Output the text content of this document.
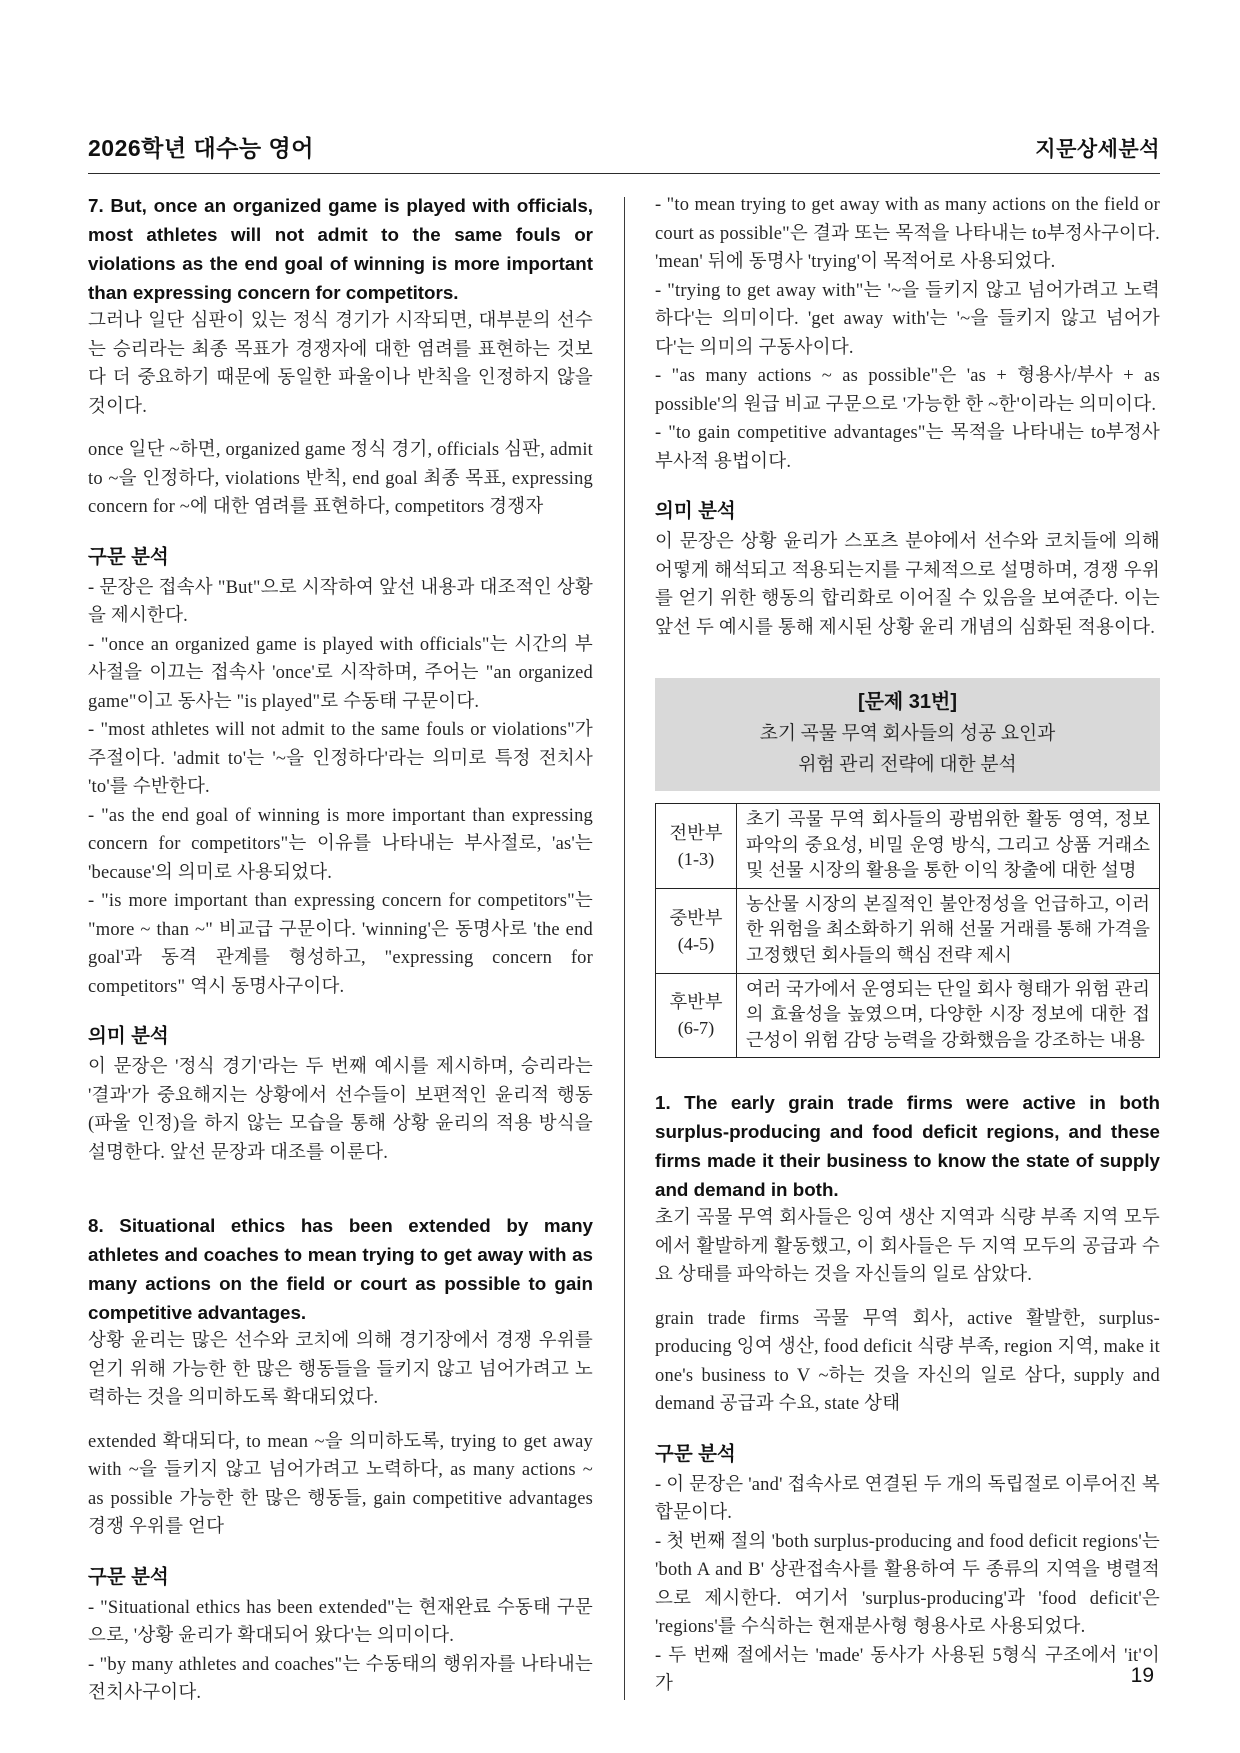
2026학년 대수능 영어	지문상세분석

7. But, once an organized game is played with officials, most athletes will not admit to the same fouls or violations as the end goal of winning is more important than expressing concern for competitors.

그러나 일단 심판이 있는 정식 경기가 시작되면, 대부분의 선수는 승리라는 최종 목표가 경쟁자에 대한 염려를 표현하는 것보다 더 중요하기 때문에 동일한 파울이나 반칙을 인정하지 않을 것이다.

once 일단 ~하면, organized game 정식 경기, officials 심판, admit to ~을 인정하다, violations 반칙, end goal 최종 목표, expressing concern for ~에 대한 염려를 표현하다, competitors 경쟁자

구문 분석

- 문장은 접속사 "But"으로 시작하여 앞선 내용과 대조적인 상황을 제시한다.

- "once an organized game is played with officials"는 시간의 부사절을 이끄는 접속사 'once'로 시작하며, 주어는 "an organized game"이고 동사는 "is played"로 수동태 구문이다.

- "most athletes will not admit to the same fouls or violations"가 주절이다. 'admit to'는 '~을 인정하다'라는 의미로 특정 전치사 'to'를 수반한다.

- "as the end goal of winning is more important than expressing concern for competitors"는 이유를 나타내는 부사절로, 'as'는 'because'의 의미로 사용되었다.

- "is more important than expressing concern for competitors"는 "more ~ than ~" 비교급 구문이다. 'winning'은 동명사로 'the end goal'과 동격 관계를 형성하고, "expressing concern for competitors" 역시 동명사구이다.

의미 분석

이 문장은 '정식 경기'라는 두 번째 예시를 제시하며, 승리라는 '결과'가 중요해지는 상황에서 선수들이 보편적인 윤리적 행동(파울 인정)을 하지 않는 모습을 통해 상황 윤리의 적용 방식을 설명한다. 앞선 문장과 대조를 이룬다.

8. Situational ethics has been extended by many athletes and coaches to mean trying to get away with as many actions on the field or court as possible to gain competitive advantages.

상황 윤리는 많은 선수와 코치에 의해 경기장에서 경쟁 우위를 얻기 위해 가능한 한 많은 행동들을 들키지 않고 넘어가려고 노력하는 것을 의미하도록 확대되었다.

extended 확대되다, to mean ~을 의미하도록, trying to get away with ~을 들키지 않고 넘어가려고 노력하다, as many actions ~ as possible 가능한 한 많은 행동들, gain competitive advantages 경쟁 우위를 얻다

구문 분석

- "Situational ethics has been extended"는 현재완료 수동태 구문으로, '상황 윤리가 확대되어 왔다'는 의미이다.

- "by many athletes and coaches"는 수동태의 행위자를 나타내는 전치사구이다.

- "to mean trying to get away with as many actions on the field or court as possible"은 결과 또는 목적을 나타내는 to부정사구이다. 'mean' 뒤에 동명사 'trying'이 목적어로 사용되었다.

- "trying to get away with"는 '~을 들키지 않고 넘어가려고 노력하다'는 의미이다. 'get away with'는 '~을 들키지 않고 넘어가다'는 의미의 구동사이다.

- "as many actions ~ as possible"은 'as + 형용사/부사 + as possible'의 원급 비교 구문으로 '가능한 한 ~한'이라는 의미이다.

- "to gain competitive advantages"는 목적을 나타내는 to부정사 부사적 용법이다.

의미 분석

이 문장은 상황 윤리가 스포츠 분야에서 선수와 코치들에 의해 어떻게 해석되고 적용되는지를 구체적으로 설명하며, 경쟁 우위를 얻기 위한 행동의 합리화로 이어질 수 있음을 보여준다. 이는 앞선 두 예시를 통해 제시된 상황 윤리 개념의 심화된 적용이다.

[문제 31번]
초기 곡물 무역 회사들의 성공 요인과
위험 관리 전략에 대한 분석
전반부
(1-3)	초기 곡물 무역 회사들의 광범위한 활동 영역, 정보 파악의 중요성, 비밀 운영 방식, 그리고 상품 거래소 및 선물 시장의 활용을 통한 이익 창출에 대한 설명

중반부
(4-5)	농산물 시장의 본질적인 불안정성을 언급하고, 이러한 위험을 최소화하기 위해 선물 거래를 통해 가격을 고정했던 회사들의 핵심 전략 제시

후반부
(6-7)	여러 국가에서 운영되는 단일 회사 형태가 위험 관리의 효율성을 높였으며, 다양한 시장 정보에 대한 접근성이 위험 감당 능력을 강화했음을 강조하는 내용

1. The early grain trade firms were active in both surplus-producing and food deficit regions, and these firms made it their business to know the state of supply and demand in both.

초기 곡물 무역 회사들은 잉여 생산 지역과 식량 부족 지역 모두에서 활발하게 활동했고, 이 회사들은 두 지역 모두의 공급과 수요 상태를 파악하는 것을 자신들의 일로 삼았다.

grain trade firms 곡물 무역 회사, active 활발한, surplus-producing 잉여 생산, food deficit 식량 부족, region 지역, make it one's business to V ~하는 것을 자신의 일로 삼다, supply and demand 공급과 수요, state 상태

구문 분석

- 이 문장은 'and' 접속사로 연결된 두 개의 독립절로 이루어진 복합문이다.

- 첫 번째 절의 'both surplus-producing and food deficit regions'는 'both A and B' 상관접속사를 활용하여 두 종류의 지역을 병렬적으로 제시한다. 여기서 'surplus-producing'과 'food deficit'은 'regions'를 수식하는 현재분사형 형용사로 사용되었다.

- 두 번째 절에서는 'made' 동사가 사용된 5형식 구조에서 'it'이 가	19
